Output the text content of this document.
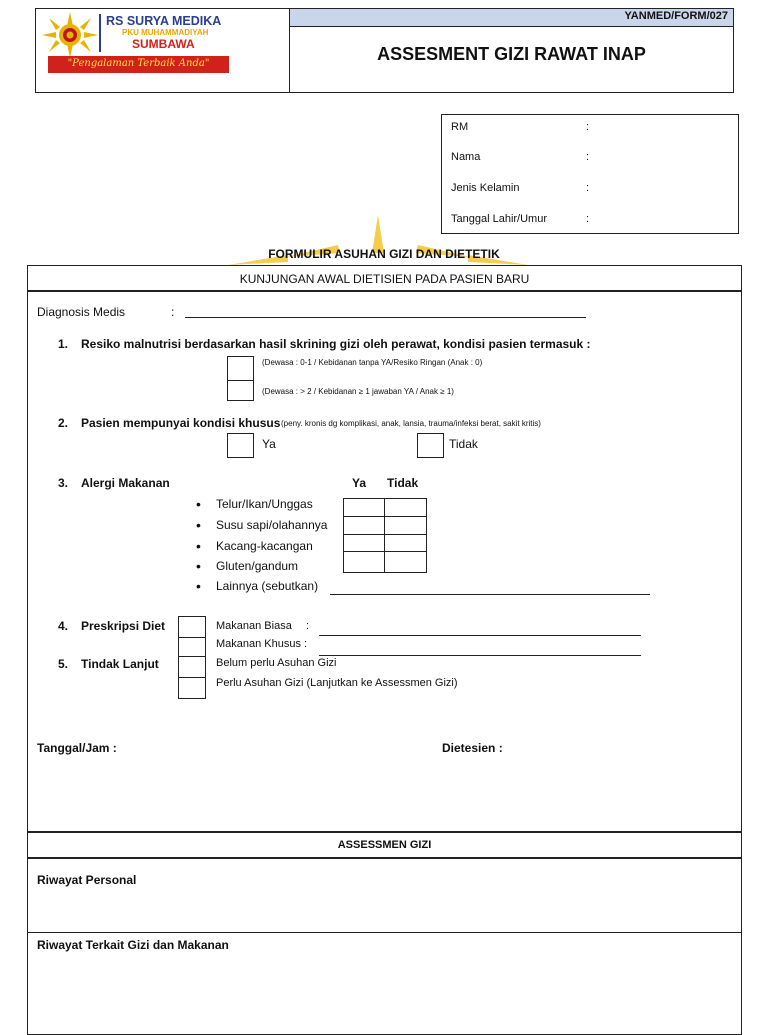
YANMED/FORM/027
ASSESMENT GIZI RAWAT INAP
RS SURYA MEDIKA
PKU MUHAMMADIYAH
SUMBAWA
"Pengalaman Terbaik Anda"
RM	:
Nama	:
Jenis Kelamin	:
Tanggal Lahir/Umur	:
FORMULIR ASUHAN GIZI DAN DIETETIK
KUNJUNGAN AWAL DIETISIEN PADA PASIEN BARU
Diagnosis Medis	:
1. Resiko malnutrisi berdasarkan hasil skrining gizi oleh perawat, kondisi pasien termasuk :
(Dewasa : 0-1 / Kebidanan tanpa YA/Resiko Ringan (Anak : 0)
(Dewasa : > 2 / Kebidanan ≥ 1 jawaban YA / Anak ≥ 1)
2. Pasien mempunyai kondisi khusus (peny. kronis dg komplikasi, anak, lansia, trauma/infeksi berat, sakit kritis)
Ya	Tidak
3. Alergi Makanan	Ya Tidak
• Telur/Ikan/Unggas
• Susu sapi/olahannya
• Kacang-kacangan
• Gluten/gandum
• Lainnya (sebutkan)
4. Preskripsi Diet	Makanan Biasa :
Makanan Khusus :
5. Tindak Lanjut	Belum perlu Asuhan Gizi
Perlu Asuhan Gizi (Lanjutkan ke Assessmen Gizi)
Tanggal/Jam :	Dietesien :
ASSESSMEN GIZI
Riwayat Personal
Riwayat Terkait Gizi dan Makanan
